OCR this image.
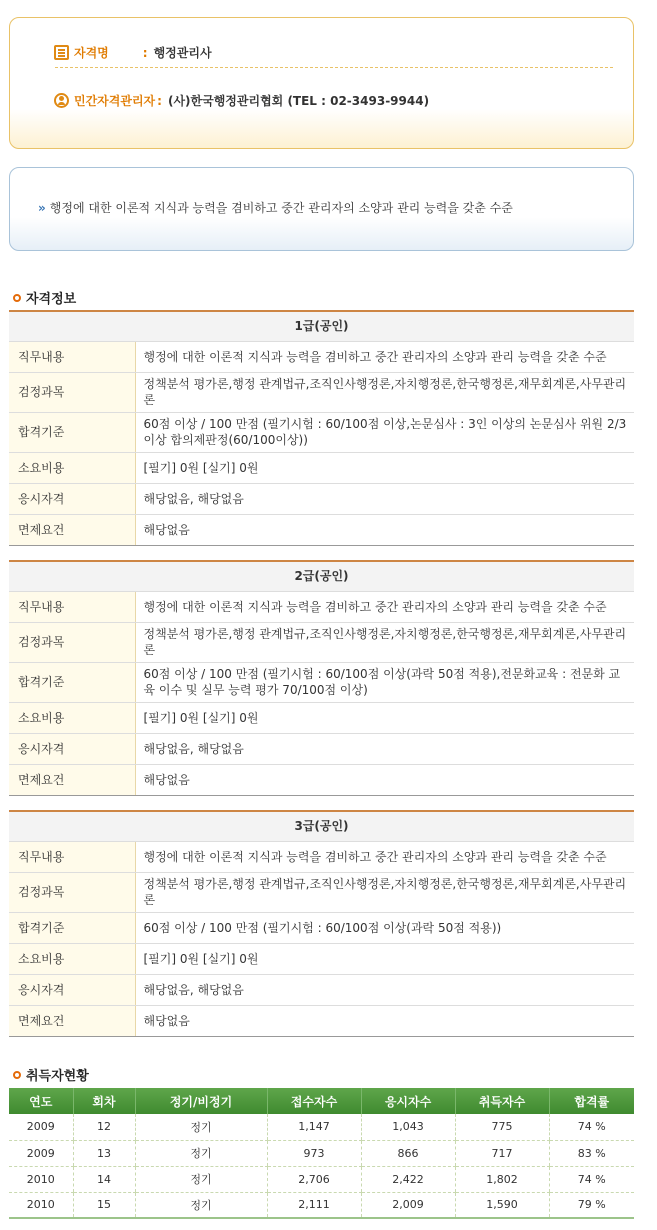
자격명	: 행정관리사
민간자격관리자 : (사)한국행정관리협회 (TEL : 02-3493-9944)
» 행정에 대한 이론적 지식과 능력을 겸비하고 중간 관리자의 소양과 관리 능력을 갖춘 수준
자격정보
1급(공인)	
직무내용	행정에 대한 이론적 지식과 능력을 겸비하고 중간 관리자의 소양과 관리 능력을 갖춘 수준
검정과목	정책분석 평가론,행정 관계법규,조직인사행정론,자치행정론,한국행정론,재무회계론,사무관리론
합격기준	60점 이상 / 100 만점 (필기시험 : 60/100점 이상,논문심사 : 3인 이상의 논문심사 위원 2/3이상 합의제판정(60/100이상))
소요비용	[필기] 0원 [실기] 0원
응시자격	해당없음, 해당없음
면제요건	해당없음
2급(공인)	
직무내용	행정에 대한 이론적 지식과 능력을 겸비하고 중간 관리자의 소양과 관리 능력을 갖춘 수준
검정과목	정책분석 평가론,행정 관계법규,조직인사행정론,자치행정론,한국행정론,재무회계론,사무관리론
합격기준	60점 이상 / 100 만점 (필기시험 : 60/100점 이상(과락 50점 적용),전문화교육 : 전문화 교육 이수 및 실무 능력 평가 70/100점 이상)
소요비용	[필기] 0원 [실기] 0원
응시자격	해당없음, 해당없음
면제요건	해당없음
3급(공인)	
직무내용	행정에 대한 이론적 지식과 능력을 겸비하고 중간 관리자의 소양과 관리 능력을 갖춘 수준
검정과목	정책분석 평가론,행정 관계법규,조직인사행정론,자치행정론,한국행정론,재무회계론,사무관리론
합격기준	60점 이상 / 100 만점 (필기시험 : 60/100점 이상(과락 50점 적용))
소요비용	[필기] 0원 [실기] 0원
응시자격	해당없음, 해당없음
면제요건	해당없음
취득자현황
연도	회차	정기/비정기	접수자수	응시자수	취득자수	합격률
2009	12	정기	1,147	1,043	775	74 %
2009	13	정기	973	866	717	83 %
2010	14	정기	2,706	2,422	1,802	74 %
2010	15	정기	2,111	2,009	1,590	79 %
